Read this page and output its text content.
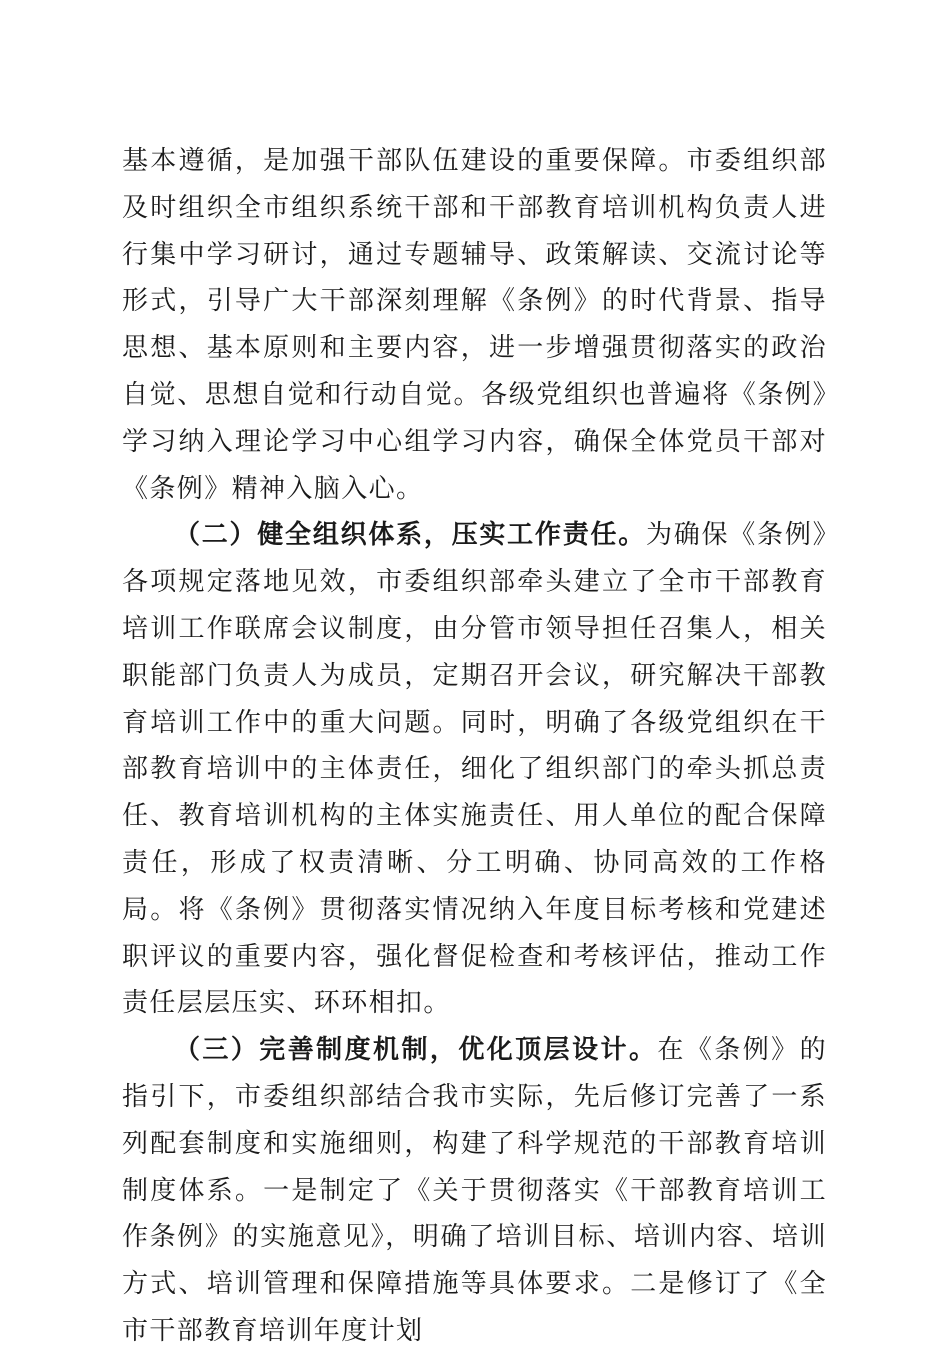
基本遵循，是加强干部队伍建设的重要保障。市委组织部及时组织全市组织系统干部和干部教育培训机构负责人进行集中学习研讨，通过专题辅导、政策解读、交流讨论等形式，引导广大干部深刻理解《条例》的时代背景、指导思想、基本原则和主要内容，进一步增强贯彻落实的政治自觉、思想自觉和行动自觉。各级党组织也普遍将《条例》学习纳入理论学习中心组学习内容，确保全体党员干部对《条例》精神入脑入心。

（二）健全组织体系，压实工作责任。为确保《条例》各项规定落地见效，市委组织部牵头建立了全市干部教育培训工作联席会议制度，由分管市领导担任召集人，相关职能部门负责人为成员，定期召开会议，研究解决干部教育培训工作中的重大问题。同时，明确了各级党组织在干部教育培训中的主体责任，细化了组织部门的牵头抓总责任、教育培训机构的主体实施责任、用人单位的配合保障责任，形成了权责清晰、分工明确、协同高效的工作格局。将《条例》贯彻落实情况纳入年度目标考核和党建述职评议的重要内容，强化督促检查和考核评估，推动工作责任层层压实、环环相扣。

（三）完善制度机制，优化顶层设计。在《条例》的指引下，市委组织部结合我市实际，先后修订完善了一系列配套制度和实施细则，构建了科学规范的干部教育培训制度体系。一是制定了《关于贯彻落实《干部教育培训工作条例》的实施意见》，明确了培训目标、培训内容、培训方式、培训管理和保障措施等具体要求。二是修订了《全市干部教育培训年度计划
